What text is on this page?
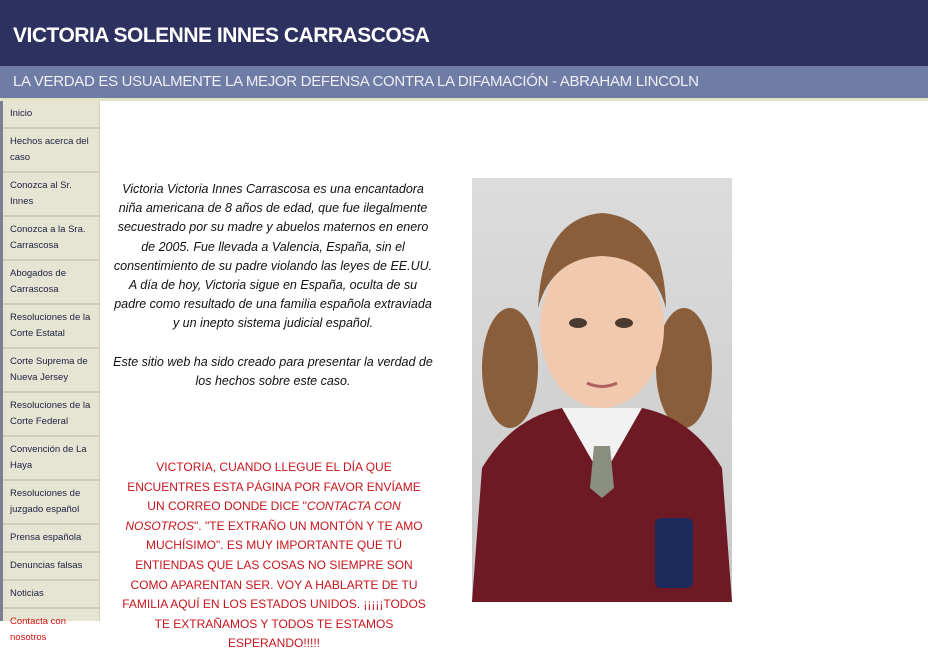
VICTORIA SOLENNE INNES CARRASCOSA
LA VERDAD ES USUALMENTE LA MEJOR DEFENSA CONTRA LA DIFAMACIÓN - ABRAHAM LINCOLN
Inicio
Hechos acerca del caso
Conozca al Sr. Innes
Conozca a la Sra. Carrascosa
Abogados de Carrascosa
Resoluciones de la Corte Estatal
Corte Suprema de Nueva Jersey
Resoluciones de la Corte Federal
Convención de La Haya
Resoluciones de juzgado español
Prensa española
Denuncias falsas
Noticias
Contacta con nosotros

Victoria Victoria Innes Carrascosa es una encantadora niña americana de 8 años de edad, que fue ilegalmente secuestrado por su madre y abuelos maternos en enero de 2005. Fue llevada a Valencia, España, sin el consentimiento de su padre violando las leyes de EE.UU. A día de hoy, Victoria sigue en España, oculta de su padre como resultado de una familia española extraviada y un inepto sistema judicial español.

Este sitio web ha sido creado para presentar la verdad de los hechos sobre este caso.

VICTORIA, CUANDO LLEGUE EL DÍA QUE ENCUENTRES ESTA PÁGINA POR FAVOR ENVÍAME UN CORREO DONDE DICE "CONTACTA CON NOSOTROS". "TE EXTRAÑO UN MONTÓN Y TE AMO MUCHÍSIMO". ES MUY IMPORTANTE QUE TÚ ENTIENDAS QUE LAS COSAS NO SIEMPRE SON COMO APARENTAN SER. VOY A HABLARTE DE TU FAMILIA AQUÍ EN LOS ESTADOS UNIDOS. ¡¡¡¡¡TODOS TE EXTRAÑAMOS Y TODOS TE ESTAMOS ESPERANDO!!!!!
